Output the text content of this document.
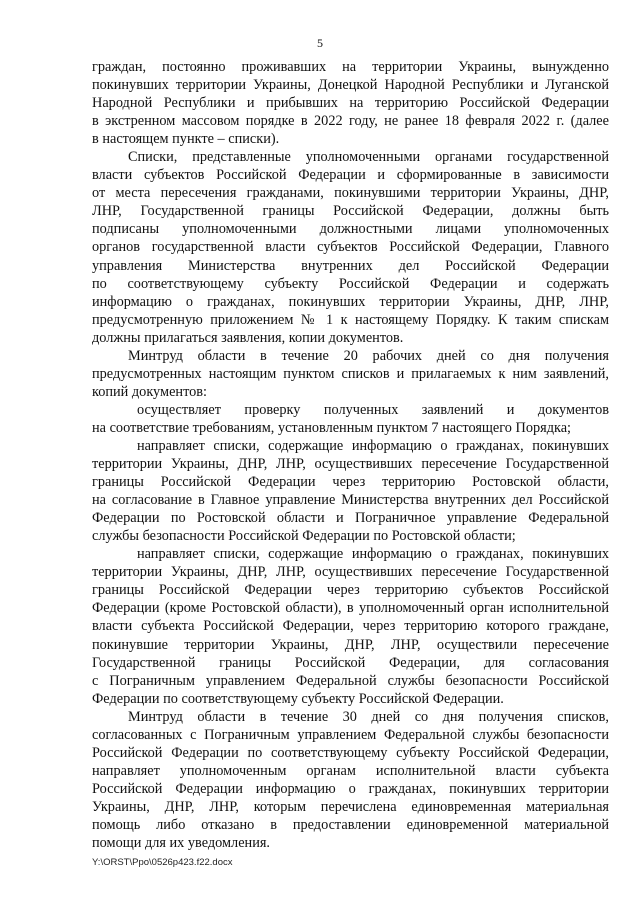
5
граждан, постоянно проживавших на территории Украины, вынужденно
покинувших территории Украины, Донецкой Народной Республики и Луганской
Народной Республики и прибывших на территорию Российской Федерации
в экстренном массовом порядке в 2022 году, не ранее 18 февраля 2022 г. (далее
в настоящем пункте – списки).
Списки, представленные уполномоченными органами государственной
власти субъектов Российской Федерации и сформированные в зависимости
от места пересечения гражданами, покинувшими территории Украины, ДНР,
ЛНР, Государственной границы Российской Федерации, должны быть
подписаны уполномоченными должностными лицами уполномоченных
органов государственной власти субъектов Российской Федерации, Главного
управления Министерства внутренних дел Российской Федерации
по соответствующему субъекту Российской Федерации и содержать
информацию о гражданах, покинувших территории Украины, ДНР, ЛНР,
предусмотренную приложением № 1 к настоящему Порядку. К таким спискам
должны прилагаться заявления, копии документов.
Минтруд области в течение 20 рабочих дней со дня получения
предусмотренных настоящим пунктом списков и прилагаемых к ним заявлений,
копий документов:
осуществляет проверку полученных заявлений и документов
на соответствие требованиям, установленным пунктом 7 настоящего Порядка;
направляет списки, содержащие информацию о гражданах, покинувших
территории Украины, ДНР, ЛНР, осуществивших пересечение Государственной
границы Российской Федерации через территорию Ростовской области,
на согласование в Главное управление Министерства внутренних дел Российской
Федерации по Ростовской области и Пограничное управление Федеральной
службы безопасности Российской Федерации по Ростовской области;
направляет списки, содержащие информацию о гражданах, покинувших
территории Украины, ДНР, ЛНР, осуществивших пересечение Государственной
границы Российской Федерации через территорию субъектов Российской
Федерации (кроме Ростовской области), в уполномоченный орган исполнительной
власти субъекта Российской Федерации, через территорию которого граждане,
покинувшие территории Украины, ДНР, ЛНР, осуществили пересечение
Государственной границы Российской Федерации, для согласования
с Пограничным управлением Федеральной службы безопасности Российской
Федерации по соответствующему субъекту Российской Федерации.
Минтруд области в течение 30 дней со дня получения списков,
согласованных с Пограничным управлением Федеральной службы безопасности
Российской Федерации по соответствующему субъекту Российской Федерации,
направляет уполномоченным органам исполнительной власти субъекта
Российской Федерации информацию о гражданах, покинувших территории
Украины, ДНР, ЛНР, которым перечислена единовременная материальная
помощь либо отказано в предоставлении единовременной материальной
помощи для их уведомления.
Y:\ORST\Ppo\0526p423.f22.docx
